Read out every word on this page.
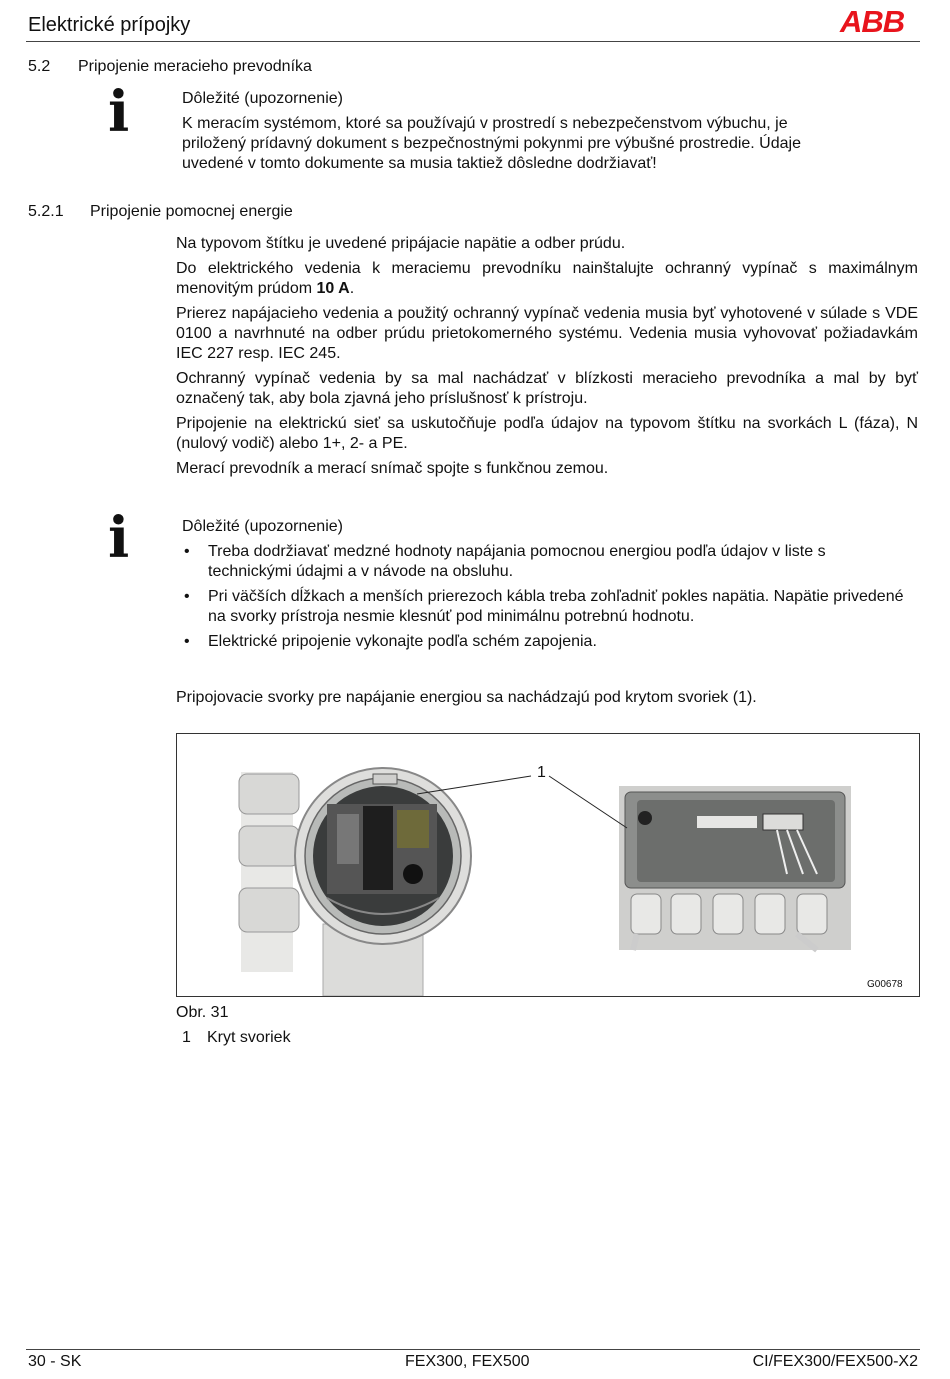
Elektrické prípojky	ABB
5.2 Pripojenie meracieho prevodníka
i	Dôležité (upozornenie)
K meracím systémom, ktoré sa používajú v prostredí s nebezpečenstvom výbuchu, je
priložený prídavný dokument s bezpečnostnými pokynmi pre výbušné prostredie. Údaje
uvedené v tomto dokumente sa musia taktiež dôsledne dodržiavať!
5.2.1 Pripojenie pomocnej energie
Na typovom štítku je uvedené pripájacie napätie a odber prúdu.
Do elektrického vedenia k meraciemu prevodníku nainštalujte ochranný vypínač s maximálnym menovitým prúdom 10 A.
Prierez napájacieho vedenia a použitý ochranný vypínač vedenia musia byť vyhotovené v súlade s VDE 0100 a navrhnuté na odber prúdu prietokomerného systému. Vedenia musia vyhovovať požiadavkám IEC 227 resp. IEC 245.
Ochranný vypínač vedenia by sa mal nachádzať v blízkosti meracieho prevodníka a mal by byť označený tak, aby bola zjavná jeho príslušnosť k prístroju.
Pripojenie na elektrickú sieť sa uskutočňuje podľa údajov na typovom štítku na svorkách L (fáza), N (nulový vodič) alebo 1+, 2- a PE.
Merací prevodník a merací snímač spojte s funkčnou zemou.
i	Dôležité (upozornenie)
• Treba dodržiavať medzné hodnoty napájania pomocnou energiou podľa údajov v liste s technickými údajmi a v návode na obsluhu.
• Pri väčších dĺžkach a menších prierezoch kábla treba zohľadniť pokles napätia. Napätie privedené na svorky prístroja nesmie klesnúť pod minimálnu potrebnú hodnotu.
• Elektrické pripojenie vykonajte podľa schém zapojenia.
Pripojovacie svorky pre napájanie energiou sa nachádzajú pod krytom svoriek (1).
1
G00678
Obr. 31
1 Kryt svoriek
30 - SK	FEX300, FEX500	CI/FEX300/FEX500-X2
